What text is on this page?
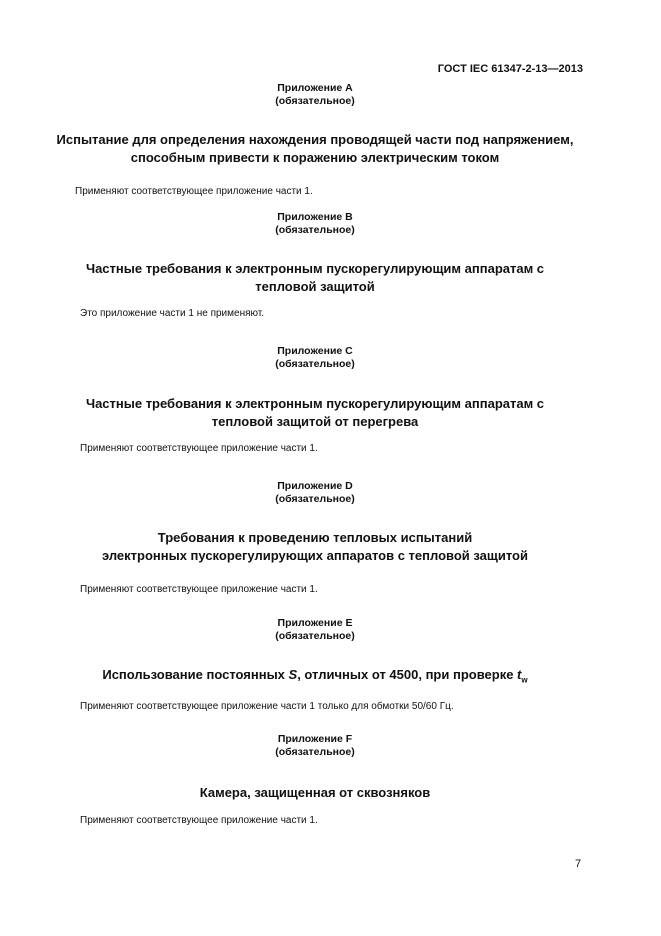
ГОСТ IEC 61347-2-13—2013
Приложение A
(обязательное)
Испытание для определения нахождения проводящей части под напряжением,
способным привести к поражению электрическим током
Применяют соответствующее приложение части 1.
Приложение B
(обязательное)
Частные требования к электронным пускорегулирующим аппаратам с
тепловой защитой
Это приложение части 1 не применяют.
Приложение C
(обязательное)
Частные требования к электронным пускорегулирующим аппаратам с
тепловой защитой от перегрева
Применяют соответствующее приложение части 1.
Приложение D
(обязательное)
Требования к проведению тепловых испытаний
электронных пускорегулирующих аппаратов с тепловой защитой
Применяют соответствующее приложение части 1.
Приложение E
(обязательное)
Использование постоянных S, отличных от 4500, при проверке $t_w$
Применяют соответствующее приложение части 1 только для обмотки 50/60 Гц.
Приложение F
(обязательное)
Камера, защищенная от сквозняков
Применяют соответствующее приложение части 1.
7
